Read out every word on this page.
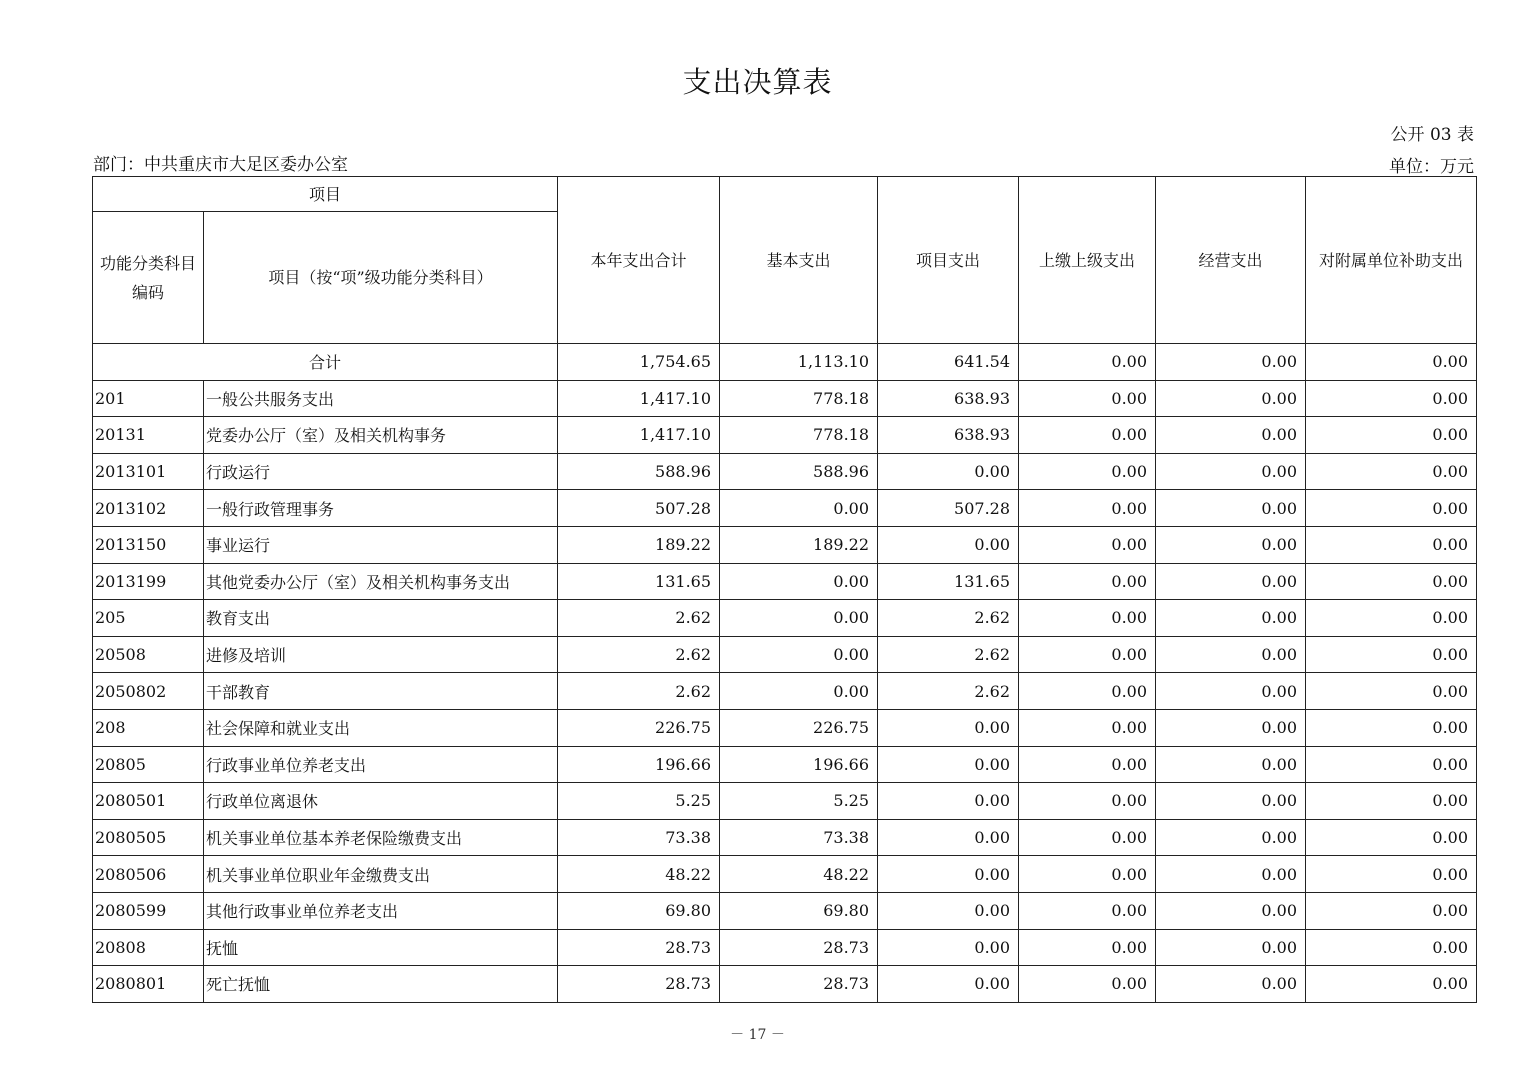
支出决算表
公开 03 表
部门：中共重庆市大足区委办公室	单位：万元
项目		本年支出合计	基本支出	项目支出	上缴上级支出	经营支出	对附属单位补助支出

功能分类科目
编码	项目（按“项”级功能分类科目）						
合计		1,754.65	1,113.10	641.54	0.00	0.00	0.00
201	一般公共服务支出	1,417.10	778.18	638.93	0.00	0.00	0.00
20131	党委办公厅（室）及相关机构事务	1,417.10	778.18	638.93	0.00	0.00	0.00
2013101	行政运行	588.96	588.96	0.00	0.00	0.00	0.00
2013102	一般行政管理事务	507.28	0.00	507.28	0.00	0.00	0.00
2013150	事业运行	189.22	189.22	0.00	0.00	0.00	0.00
2013199	其他党委办公厅（室）及相关机构事务支出	131.65	0.00	131.65	0.00	0.00	0.00
205	教育支出	2.62	0.00	2.62	0.00	0.00	0.00
20508	进修及培训	2.62	0.00	2.62	0.00	0.00	0.00
2050802	干部教育	2.62	0.00	2.62	0.00	0.00	0.00
208	社会保障和就业支出	226.75	226.75	0.00	0.00	0.00	0.00
20805	行政事业单位养老支出	196.66	196.66	0.00	0.00	0.00	0.00
2080501	行政单位离退休	5.25	5.25	0.00	0.00	0.00	0.00
2080505	机关事业单位基本养老保险缴费支出	73.38	73.38	0.00	0.00	0.00	0.00
2080506	机关事业单位职业年金缴费支出	48.22	48.22	0.00	0.00	0.00	0.00
2080599	其他行政事业单位养老支出	69.80	69.80	0.00	0.00	0.00	0.00
20808	抚恤	28.73	28.73	0.00	0.00	0.00	0.00
2080801	死亡抚恤	28.73	28.73	0.00	0.00	0.00	0.00
－ 17 －
